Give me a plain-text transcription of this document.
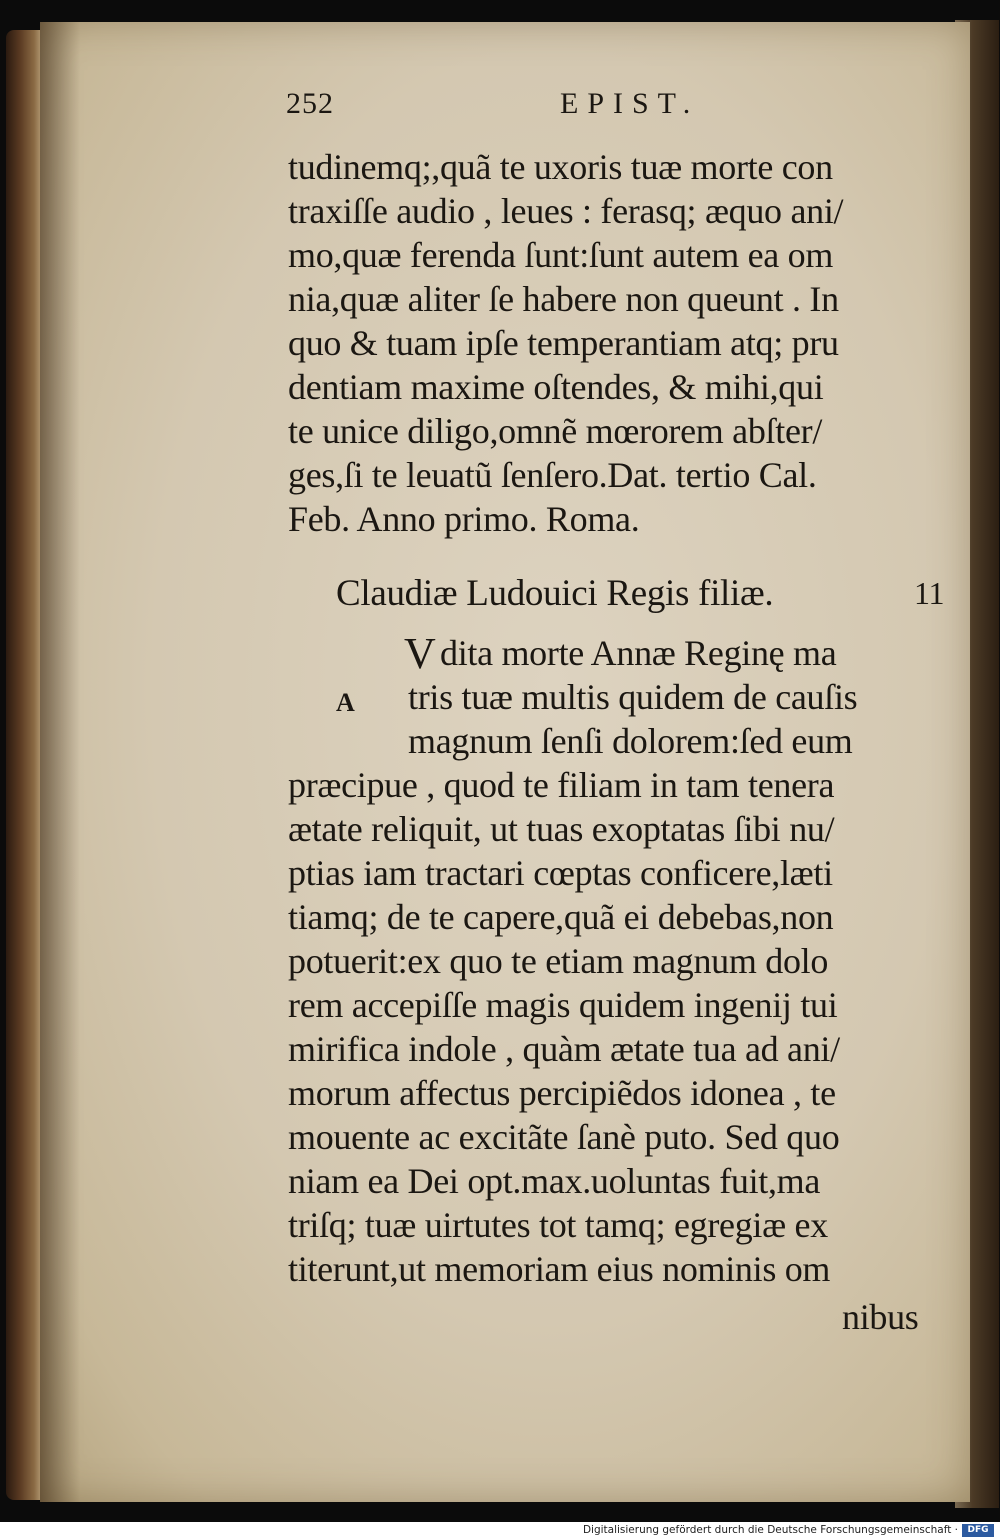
252	EPIST.
tudinemq;,quã te uxoris tuæ morte con
traxiſſe audio , leues : ferasq; æquo ani/
mo,quæ ferenda ſunt:ſunt autem ea om
nia,quæ aliter ſe habere non queunt . In
quo & tuam ipſe temperantiam atq; pru
dentiam maxime oſtendes, & mihi,qui
te unice diligo,omnẽ mœrorem abſter/
ges,ſi te leuatũ ſenſero.Dat. tertio Cal.
Feb. Anno primo. Roma.
Claudiæ Ludouici Regis filiæ.	11
V
A
dita morte Annæ Reginę ma
tris tuæ multis quidem de cauſis
magnum ſenſi dolorem:ſed eum
præcipue , quod te filiam in tam tenera
ætate reliquit, ut tuas exoptatas ſibi nu/
ptias iam tractari cœptas conficere,læti
tiamq; de te capere,quã ei debebas,non
potuerit:ex quo te etiam magnum dolo
rem accepiſſe magis quidem ingenij tui
mirifica indole , quàm ætate tua ad ani/
morum affectus percipiẽdos idonea , te
mouente ac excitãte ſanè puto. Sed quo
niam ea Dei opt.max.uoluntas fuit,ma
triſq; tuæ uirtutes tot tamq; egregiæ ex
titerunt,ut memoriam eius nominis om
nibus
Digitalisierung gefördert durch die Deutsche Forschungsgemeinschaft ·	DFG
